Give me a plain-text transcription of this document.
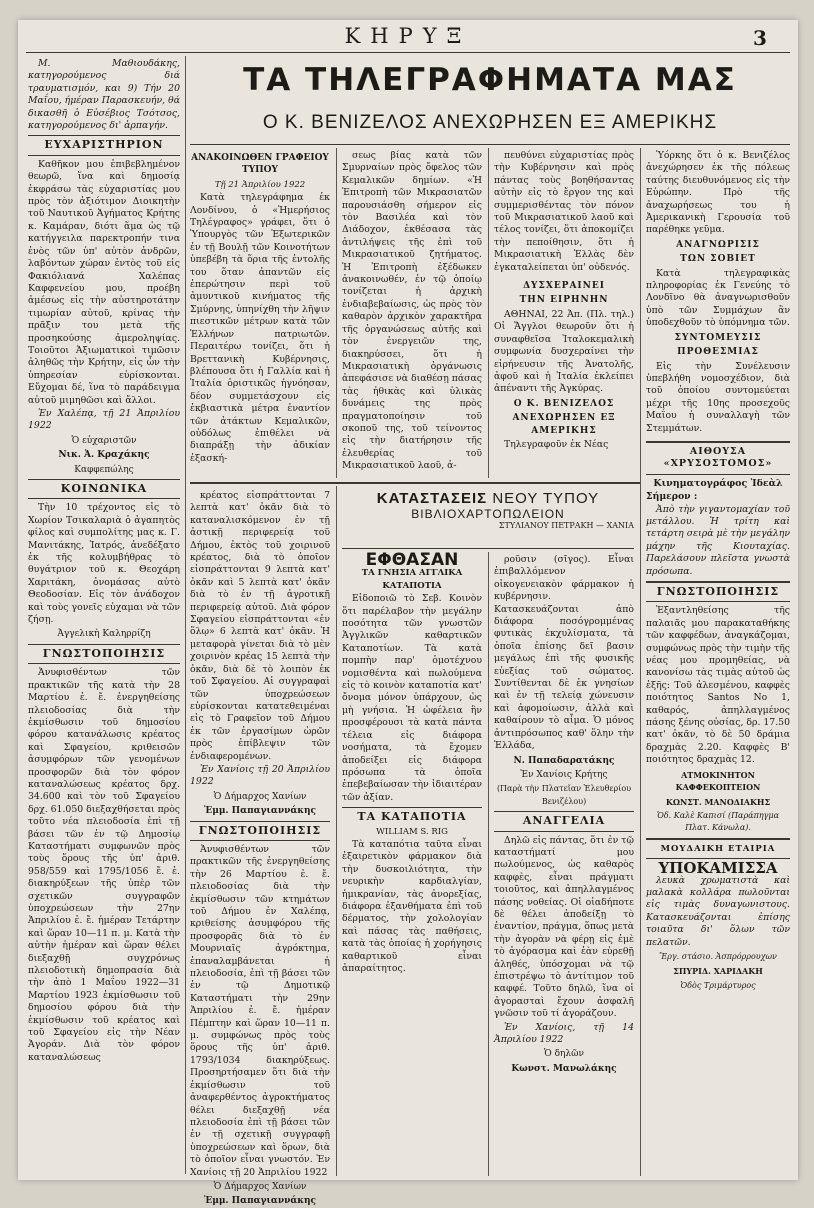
ΚΗΡΥΞ	3

Μ. Μαθιουδάκης, κατηγορούμενος διά τραυματισμόν, και 9) Τήν 20 Μαΐου, ήμέραν Παρασκευήν, θά δικασθῆ ὁ Εὐσέβιος Τσότσος, κατηγορούμενος δι' ἁρπαγήν.

ΕΥΧΑΡΙΣΤΗΡΙΟΝ

Καθῆκον μου ἐπιβεβλημένον θεωρῶ, ἵνα καὶ δημοσίᾳ ἐκφράσω τὰς εὐχαριστίας μου πρὸς τὸν ἀξιότιμον Διοικητὴν τοῦ Ναυτικοῦ Ἀγήματος Κρήτης κ. Καμάραν, διότι ἅμα ὡς τῷ κατήγγειλα παρεκτροπήν τινα ἐνὸς τῶν ὑπ' αὐτὸν ἀνδρῶν, λαβόντων χώραν ἐντὸς τοῦ εἰς Φακιόλιανά Χαλέπας Καφφενείου μου, προέβη ἀμέσως εἰς τὴν αὐστηροτάτην τιμωρίαν αὐτοῦ, κρίνας τὴν πρᾶξιν του μετὰ τῆς προσηκούσης ἀμεροληψίας. Τοιοῦτοι Ἀξιωματικοὶ τιμῶσιν ἀληθῶς τὴν Κρήτην, εἰς ὧν τὴν ὑπηρεσίαν εὑρίσκονται. Εὔχομαι δέ, ἵνα τὸ παράδειγμα αὐτοῦ μιμηθῶσι καὶ ἄλλοι.

Ἐν Χαλέπᾳ, τῇ 21 Ἀπριλίου 1922

Ὁ εὐχαριστῶν
Νικ. Ἀ. Κραχάκης
Καφφεπώλης
ΚΟΙΝΩΝΙΚΑ

Τὴν 10 τρέχοντος εἰς τὸ Χωρίον Τσικαλαριὰ ὁ ἀγαπητὸς φίλος καὶ συμπολίτης μας κ. Γ. Μανιτάκης, Ἰατρός, ἀνεδέξατο ἐκ τῆς κολυμβήθρας τὸ θυγάτριον τοῦ κ. Θεοχάρη Χαριτάκη, ὀνομάσας αὐτὸ Θεοδοσίαν. Εἰς τὸν ἀνάδοχον καὶ τοὺς γονεῖς εὐχαμαι νὰ τῶν ζήσῃ.

Ἀγγελικὴ Καληρρίζη
ΓΝΩΣΤΟΠΟΙΗΣΙΣ

Ἀνυφισθέντων τῶν πρακτικῶν τῆς κατὰ τὴν 28 Μαρτίου ἐ. ἔ. ἐνεργηθείσης πλειοδοσίας διὰ τὴν ἐκμίσθωσιν τοῦ δημοσίου φόρου κατανάλωσις κρέατος καὶ Σφαγείου, κριθεισῶν ἀσυμφόρων τῶν γενομένων προσφορῶν διὰ τὸν φόρον καταναλώσεως κρέατος δρχ. 34.600 καὶ τὸν τοῦ Σφαγείου δρχ. 61.050 διεξαχθήσεται πρὸς τοῦτο νέα πλειοδοσία ἐπὶ τῇ βάσει τῶν ἐν τῷ Δημοσίῳ Καταστήματι συμφωνῶν πρὸς τοὺς ὅρους τῆς ὑπ' ἀριθ. 958/559 καὶ 1795/1056 ἔ. ἐ. διακηρύξεων τῆς ὑπὲρ τῶν σχετικῶν συγγραφῶν ὑποχρεώσεων τὴν 27ην Ἀπριλίου ἐ. ἔ. ἡμέραν Τετάρτην καὶ ὥραν 10—11 π. μ. Κατὰ τὴν αὐτὴν ἡμέραν καὶ ὥραν θέλει διεξαχθῇ συγχρόνως πλειοδοτικὴ δημοπρασία διὰ τὴν ἀπὸ 1 Μαΐου 1922—31 Μαρτίου 1923 ἐκμίσθωσιν τοῦ δημοσίου φόρου διὰ τὴν ἐκμίσθωσιν τοῦ κρέατος καὶ τοῦ Σφαγείου εἰς τὴν Νέαν Ἀγοράν. Διὰ τὸν φόρον καταναλώσεως

ΤΑ ΤΗΛΕΓΡΑΦΗΜΑΤΑ ΜΑΣ
Ο Κ. ΒΕΝΙΖΕΛΟΣ ΑΝΕΧΩΡΗΣΕΝ ΕΞ ΑΜΕΡΙΚΗΣ
ΑΝΑΚΟΙΝΩΘΕΝ ΓΡΑΦΕΙΟΥ ΤΥΠΟΥ
Τῇ 21 Ἀπριλίου 1922

Κατὰ τηλεγράφημα ἐκ Λονδίνου, ὁ «Ἡμερήσιος Τηλέγραφος» γράφει, ὅτι ὁ Ὑπουργὸς τῶν Ἐξωτερικῶν ἐν τῇ Βουλῇ τῶν Κοινοτήτων ὑπεβέβη τὰ ὅρια τῆς ἐντολῆς του ὅταν ἀπαντῶν εἰς ἐπερώτησιν περὶ τοῦ ἀμυντικοῦ κινήματος τῆς Σμύρνης, ὑπηνίχθη τὴν λῆψιν πιεστικῶν μέτρων κατὰ τῶν Ἑλλήνων πατριωτῶν. Περαιτέρω τονίζει, ὅτι ἡ Βρεττανικὴ Κυβέρνησις, βλέπουσα ὅτι ἡ Γαλλία καὶ ἡ Ἰταλία ὁριστικῶς ἠγνόησαν, δέον συμμετάσχουν εἰς ἐκβιαστικὰ μέτρα ἐναντίον τῶν ἀτάκτων Κεμαλικῶν, οὐδόλως ἐπιθέλει νὰ διαπράξῃ τὴν ἀδικίαν ἐξασκή-

σεως βίας κατὰ τῶν Σμυρναίων πρὸς ὄφελος τῶν Κεμαλικῶν δημίων. «Ἡ Ἐπιτροπὴ τῶν Μικρασιατῶν παρουσιάσθη σήμερον εἰς τὸν Βασιλέα καὶ τὸν Διάδοχον, ἐκθέσασα τὰς ἀντιλήψεις τῆς ἐπὶ τοῦ Μικρασιατικοῦ ζητήματος. Ἡ Ἐπιτροπὴ ἐξέδωκεν ἀνακοινωθέν, ἐν τῷ ὁποίῳ τονίζεται ἡ ἀρχικὴ ἐνδιαβεβαίωσις, ὡς πρὸς τὸν καθαρὸν ἀρχικὸν χαρακτῆρα τῆς ὀργανώσεως αὐτῆς καὶ τὸν ἐνεργειῶν της, διακηρύσσει, ὅτι ἡ Μικρασιατικὴ ὀργάνωσις ἀπεφάσισε νὰ διαθέσῃ πάσας τὰς ἠθικὰς καὶ ὑλικὰς δυνάμεις της πρὸς πραγματοποίησιν τοῦ σκοποῦ της, τοῦ τείνοντος εἰς τὴν διατήρησιν τῆς ἐλευθερίας τοῦ Μικρασιατικοῦ λαοῦ, ἀ-

πευθύνει εὐχαριστίας πρὸς τὴν Κυβέρνησιν καὶ πρὸς πάντας τοὺς βοηθήσαντας αὐτὴν εἰς τὸ ἔργον της καὶ συμμερισθέντας τὸν πόνον τοῦ Μικρασιατικοῦ λαοῦ καὶ τέλος τονίζει, ὅτι ἀποκομίζει τὴν πεποίθησιν, ὅτι ἡ Μικρασιατικὴ Ἑλλὰς δὲν ἐγκαταλείπεται ὑπ' οὐδενός.

ΔΥΣΧΕΡΑΙΝΕΙ
ΤΗΝ ΕΙΡΗΝΗΝ

ΑΘΗΝΑΙ, 22 Ἀπ. (Πλ. τηλ.) Οἱ Ἄγγλοι θεωροῦν ὅτι ἡ συναφθεῖσα Ἰταλοκεμαλικὴ συμφωνία δυσχεραίνει τὴν εἰρήνευσιν τῆς Ἀνατολῆς, ἀφοῦ καὶ ἡ Ἰταλία ἐκλείπει ἀπέναντι τῆς Ἀγκύρας.

Ο Κ. ΒΕΝΙΖΕΛΟΣ
ΑΝΕΧΩΡΗΣΕΝ ΕΞ ΑΜΕΡΙΚΗΣ

Τηλεγραφοῦν ἐκ Νέας

Ὑόρκης ὅτι ὁ κ. Βενιζέλος ἀνεχώρησεν ἐκ τῆς πόλεως ταύτης διευθυνόμενος εἰς τὴν Εὐρώπην. Πρὸ τῆς ἀναχωρήσεως του ἡ Ἀμερικανικὴ Γερουσία τοῦ παρέθηκε γεῦμα.

ΑΝΑΓΝΩΡΙΣΙΣ
ΤΩΝ ΣΟΒΙΕΤ

Κατὰ τηλεγραφικὰς πληροφορίας ἐκ Γενεύης τὸ Λονδῖνο θὰ ἀναγνωρισθοῦν ὑπὸ τῶν Συμμάχων ἂν ὑποδεχθοῦν τὸ ὑπόμνημα τῶν.

ΣΥΝΤΟΜΕΥΣΙΣ
ΠΡΟΘΕΣΜΙΑΣ

Εἰς τὴν Συνέλευσιν ὑπεβλήθη νομοσχέδιον, διὰ τοῦ ὁποίου συντομεύεται μέχρι τῆς 10ης προσεχοῦς Μαΐου ἡ συναλλαγὴ τῶν Στεμμάτων.

ΑΙΘΟΥΣΑ «ΧΡΥΣΟΣΤΟΜΟΣ»
Κινηματογράφος Ἰδεὰλ
Σήμερον :

Ἀπὸ τὴν γιγαντομαχίαν τοῦ μετάλλου. Ἡ τρίτη καὶ τετάρτη σειρὰ μὲ τὴν μεγάλην μάχην τῆς Κιουταχίας. Παρελάσουν πλεῖστα γνωστὰ πρόσωπα.

ΓΝΩΣΤΟΠΟΙΗΣΙΣ

Ἐξαντληθείσης τῆς παλαιᾶς μου παρακαταθήκης τῶν καφφέδων, ἀναγκάζομαι, συμφώνως πρὸς τὴν τιμὴν τῆς νέας μου προμηθείας, νὰ κανονίσω τὰς τιμὰς αὐτοῦ ὡς ἑξῆς: Τοῦ ἀλεσμένου, καφφὲς ποιότητος Santos No 1, καθαρός, ἀπηλλαγμένος πάσης ξένης οὐσίας, δρ. 17.50 κατ' ὀκᾶν, τὸ δὲ 50 δράμια δραχμὰς 2.20. Καφφὲς Β' ποιότητος δραχμὰς 12.

ΑΤΜΟΚΙΝΗΤΟΝ ΚΑΦΦΕΚΟΠΤΕΙΟΝ
ΚΩΝΣΤ. ΜΑΝΟΔΙΑΚΗΣ
Ὁδ. Καλὲ Καπισί (Παράπηγμα Πλατ. Κάνωλα).
ΜΟΥΔΑΙΚΗ ΕΤΑΙΡΙΑ
ΥΠΟΚΑΜΙΣΣΑ

λευκὰ χρωματιστὰ καὶ μαλακὰ κολλάρα πωλοῦνται εἰς τιμὰς δυναγωνιστους. Κατασκευάζονται ἐπίσης τοιαῦτα δι' ὅλων τῶν πελατῶν.

Ἔργ. στάσιο. Ἀσπρόρρουχων
ΣΠΥΡΙΔ. ΧΑΡΙΔΑΚΗ
Ὁδὸς Τριμάρτυρος

κρέατος εἰσπράττονται 7 λεπτὰ κατ' ὀκᾶν διὰ τὸ καταναλισκόμενον ἐν τῇ ἀστικῇ περιφερείᾳ τοῦ Δήμου, ἐκτὸς τοῦ χοιρινοῦ κρέατος, διὰ τὸ ὁποῖον εἰσπράττονται 9 λεπτὰ κατ' ὀκᾶν καὶ 5 λεπτὰ κατ' ὀκᾶν διὰ τὸ ἐν τῇ ἀγροτικῇ περιφερείᾳ αὐτοῦ. Διὰ φόρον Σφαγείου εἰσπράττονται «ἐν ὅλῳ» 6 λεπτὰ κατ' ὀκᾶν. Ἡ μεταφορὰ γίνεται διὰ τὸ μὲν χοιρινὸν κρέας 15 λεπτὰ τὴν ὀκᾶν, διὰ δὲ τὸ λοιπὸν ἐκ τοῦ Σφαγείου. Αἱ συγγραφαὶ τῶν ὑποχρεώσεων εὑρίσκονται κατατεθειμέναι εἰς τὸ Γραφεῖον τοῦ Δήμου ἐκ τῶν ἐργασίμων ὡρῶν πρὸς ἐπίβλεψιν τῶν ἐνδιαφερομένων.

Ἐν Χανίοις τῇ 20 Ἀπριλίου 1922

Ὁ Δήμαρχος Χανίων
Ἐμμ. Παπαγιαννάκης
ΓΝΩΣΤΟΠΟΙΗΣΙΣ

Ἀνυφισθέντων τῶν πρακτικῶν τῆς ἐνεργηθείσης τὴν 26 Μαρτίου ἐ. ἔ. πλειοδοσίας διὰ τὴν ἐκμίσθωσιν τῶν κτημάτων τοῦ Δήμου ἐν Χαλέπᾳ, κριθείσης ἀσυμφόρου τῆς προσφορᾶς διὰ τὸ ἐν Μουρνιαῖς ἀγρόκτημα, ἐπαναλαμβάνεται ἡ πλειοδοσία, ἐπὶ τῇ βάσει τῶν ἐν τῷ Δημοτικῷ Καταστήματι τὴν 29ην Ἀπριλίου ἐ. ἔ. ἡμέραν Πέμπτην καὶ ὥραν 10—11 π. μ. συμφώνως πρὸς τοὺς ὅρους τῆς ὑπ' ἀριθ. 1793/1034 διακηρύξεως. Προσηρτήσαμεν ὅτι διὰ τὴν ἐκμίσθωσιν τοῦ ἀναφερθέντος ἀγροκτήματος θέλει διεξαχθῇ νέα πλειοδοσία ἐπὶ τῇ βάσει τῶν ἐν τῇ σχετικῇ συγγραφῇ ὑποχρεώσεων καὶ ὅρων, διὰ τὸ ὁποῖον εἶναι γνωστόν. Ἐν Χανίοις τῇ 20 Ἀπριλίου 1922

Ὁ Δήμαρχος Χανίων
Ἐμμ. Παπαγιαννάκης
ΚΑΤΑΣΤΑΣΕΙΣ ΝΕΟΥ ΤΥΠΟΥ
ΒΙΒΛΙΟΧΑΡΤΟΠΩΛΕΙΟΝ
ΣΤΥΛΙΑΝΟΥ ΠΕΤΡΑΚΗ — ΧΑΝΙΑ
ΕΦΘΑΣΑΝ
ΤΑ ΓΝΗΣΙΑ ΑΓΓΛΙΚΑ ΚΑΤΑΠΟΤΙΑ

Εἰδοποιῶ τὸ Σεβ. Κοινὸν ὅτι παρέλαβον τὴν μεγάλην ποσότητα τῶν γνωστῶν Ἀγγλικῶν καθαρτικῶν Καταποτίων. Τὰ κατὰ πομπὴν παρ' ὁμοτέχνου νομισθέντα καὶ πωλούμενα εἰς τὸ κοινὸν καταποτία κατ' ὄνομα μόνον ὑπάρχουν, ὡς μὴ γνήσια. Ἡ ὠφέλεια ἣν προσφέρουσι τὰ κατὰ πάντα τέλεια εἰς διάφορα νοσήματα, τὰ ἔχομεν ἀποδείξει εἰς διάφορα πρόσωπα τὰ ὁποῖα ἐπεβεβαίωσαν τὴν ἰδιαιτέραν τῶν ἀξίαν.

ΤΑ ΚΑΤΑΠΟΤΙΑ
WILLIAM S. RIG

Τὰ καταπότια ταῦτα εἶναι ἐξαιρετικὸν φάρμακον διὰ τὴν δυσκοιλιότητα, τὴν νευρικὴν καρδιαλγίαν, ἡμικρανίαν, τὰς ἀνορεξίας, διάφορα ἐξανθήματα ἐπὶ τοῦ δέρματος, τὴν χολολογίαν καὶ πάσας τὰς παθήσεις, κατὰ τὰς ὁποίας ἡ χορήγησις καθαρτικοῦ εἶναι ἀπαραίτητος.

ροῦσιν (σῖγος). Εἶναι ἐπιβαλλόμενον οἰκογενειακὸν φάρμακον ἡ κυβέρνησιν. Κατασκευάζονται ἀπὸ διάφορα ποσόγρομμένας φυτικὰς ἐκχυλίσματα, τὰ ὁποῖα ἐπίσης δεῖ βασιν μεγάλως ἐπὶ τῆς φυσικῆς εὐεξίας τοῦ σώματος. Συντίθενται δὲ ἐκ γνησίων καὶ ἐν τῇ τελείᾳ χώνευσιν καὶ ἀφομοίωσιν, ἀλλὰ καὶ καθαίρουν τὸ αἷμα. Ὁ μόνος ἀντιπρόσωπος καθ' ὅλην τὴν Ἑλλάδα,

Ν. Παπαδαρατάκης
Ἐν Χανίοις Κρήτης
(Παρὰ τὴν Πλατεῖαν Ἐλευθερίου Βενιζέλου)
ΑΝΑΓΓΕΛΙΑ

Δηλῶ εἰς πάντας, ὅτι ἐν τῷ καταστήματί μου πωλούμενος, ὡς καθαρὸς καφφὲς, εἶναι πράγματι τοιοῦτος, καὶ ἀπηλλαγμένος πάσης νοθείας. Οἱ οἱαδήποτε δὲ θέλει ἀποδείξῃ τὸ ἐναντίον, πράγμα, ὅπως μετὰ τὴν ἀγορὰν νὰ φέρῃ εἰς ἐμὲ τὸ ἀγόρασμα καὶ ἐὰν εὑρεθῇ ἀληθές, ὑπόσχομαι νὰ τῷ ἐπιστρέψω τὸ ἀντίτιμον τοῦ καφφέ. Τοῦτο δηλῶ, ἵνα οἱ ἀγορασταὶ ἔχουν ἀσφαλῆ γνῶσιν τοῦ τί ἀγοράζουν.

Ἐν Χανίοις, τῇ 14 Ἀπριλίου 1922

Ὁ δηλῶν
Κωνστ. Μανωλάκης
